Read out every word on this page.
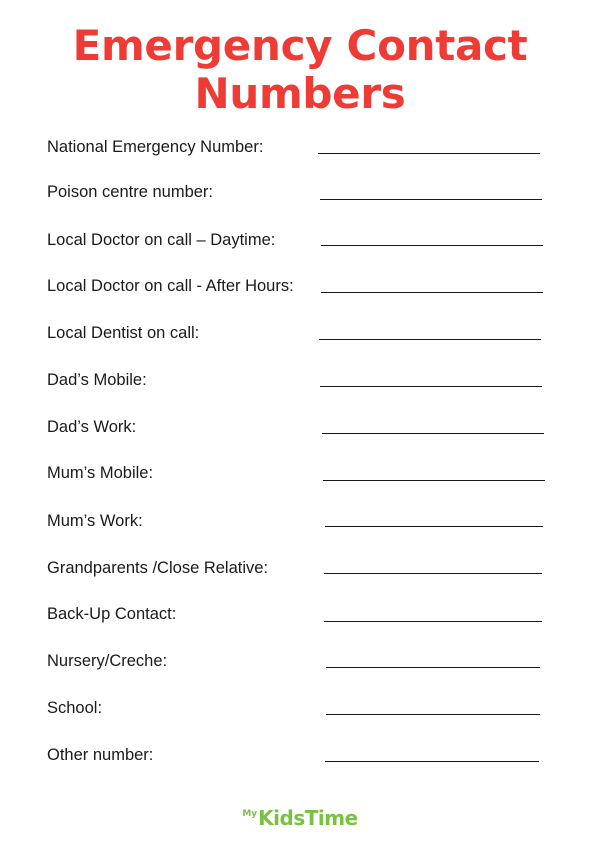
Emergency Contact
Numbers
National Emergency Number:
Poison centre number:
Local Doctor on call – Daytime:
Local Doctor on call - After Hours:
Local Dentist on call:
Dad’s Mobile:
Dad’s Work:
Mum’s Mobile:
Mum’s Work:
Grandparents /Close Relative:
Back-Up Contact:
Nursery/Creche:
School:
Other number:
MyKidsTime
